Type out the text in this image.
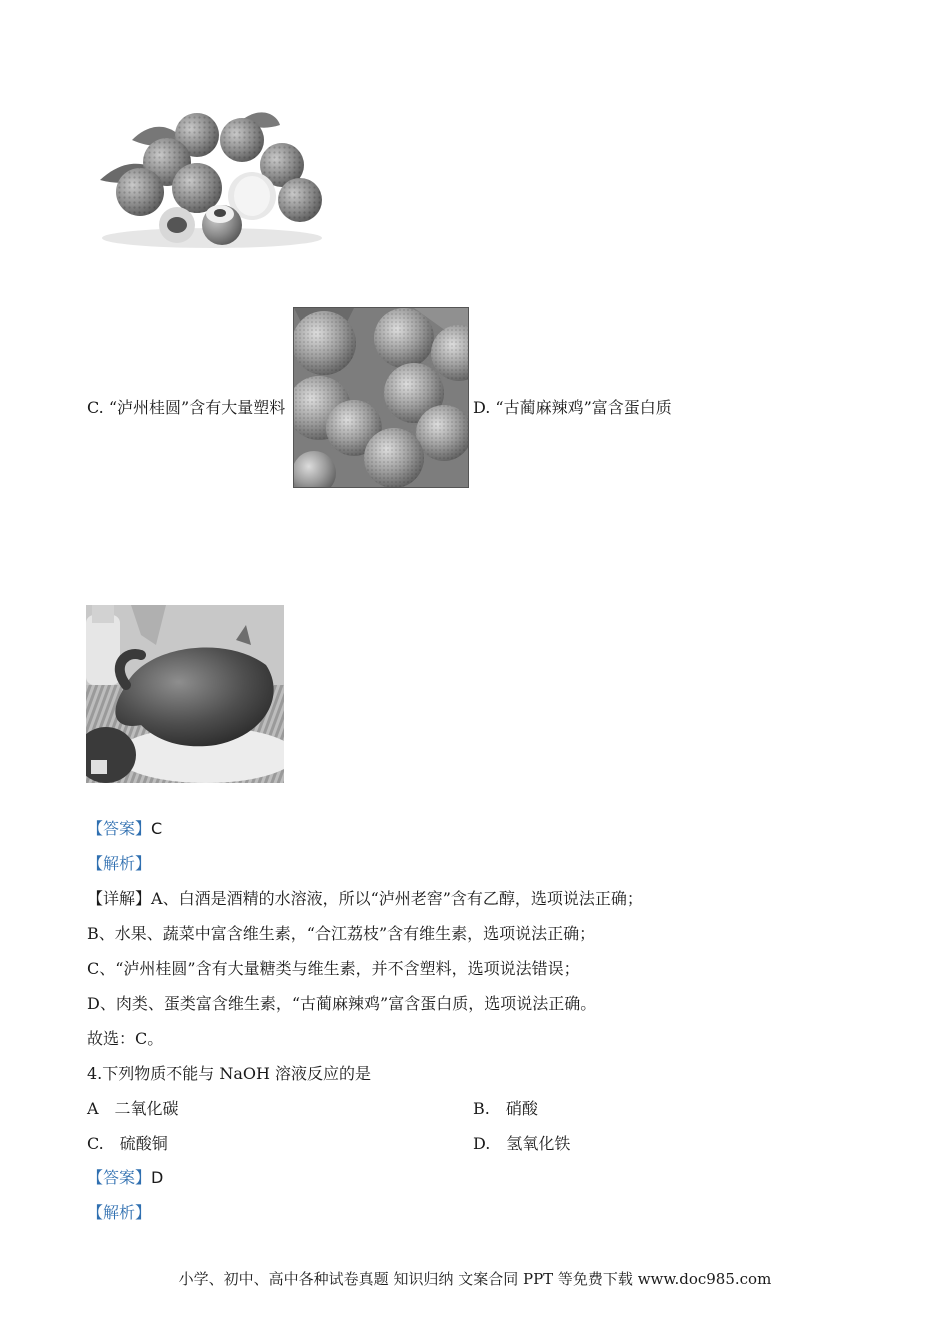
C. “泸州桂圆”含有大量塑料	D. “古蔺麻辣鸡”富含蛋白质
【答案】C
【解析】
【详解】A、白酒是酒精的水溶液，所以“泸州老窖”含有乙醇，选项说法正确；
B、水果、蔬菜中富含维生素，“合江荔枝”含有维生素，选项说法正确；
C、“泸州桂圆”含有大量糖类与维生素，并不含塑料，选项说法错误；
D、肉类、蛋类富含维生素，“古蔺麻辣鸡”富含蛋白质，选项说法正确。
故选：C。
4.下列物质不能与 NaOH 溶液反应的是
A　二氧化碳	B.　硝酸
C.　硫酸铜	D.　氢氧化铁
【答案】D
【解析】
小学、初中、高中各种试卷真题 知识归纳 文案合同 PPT 等免费下载 www.doc985.com
